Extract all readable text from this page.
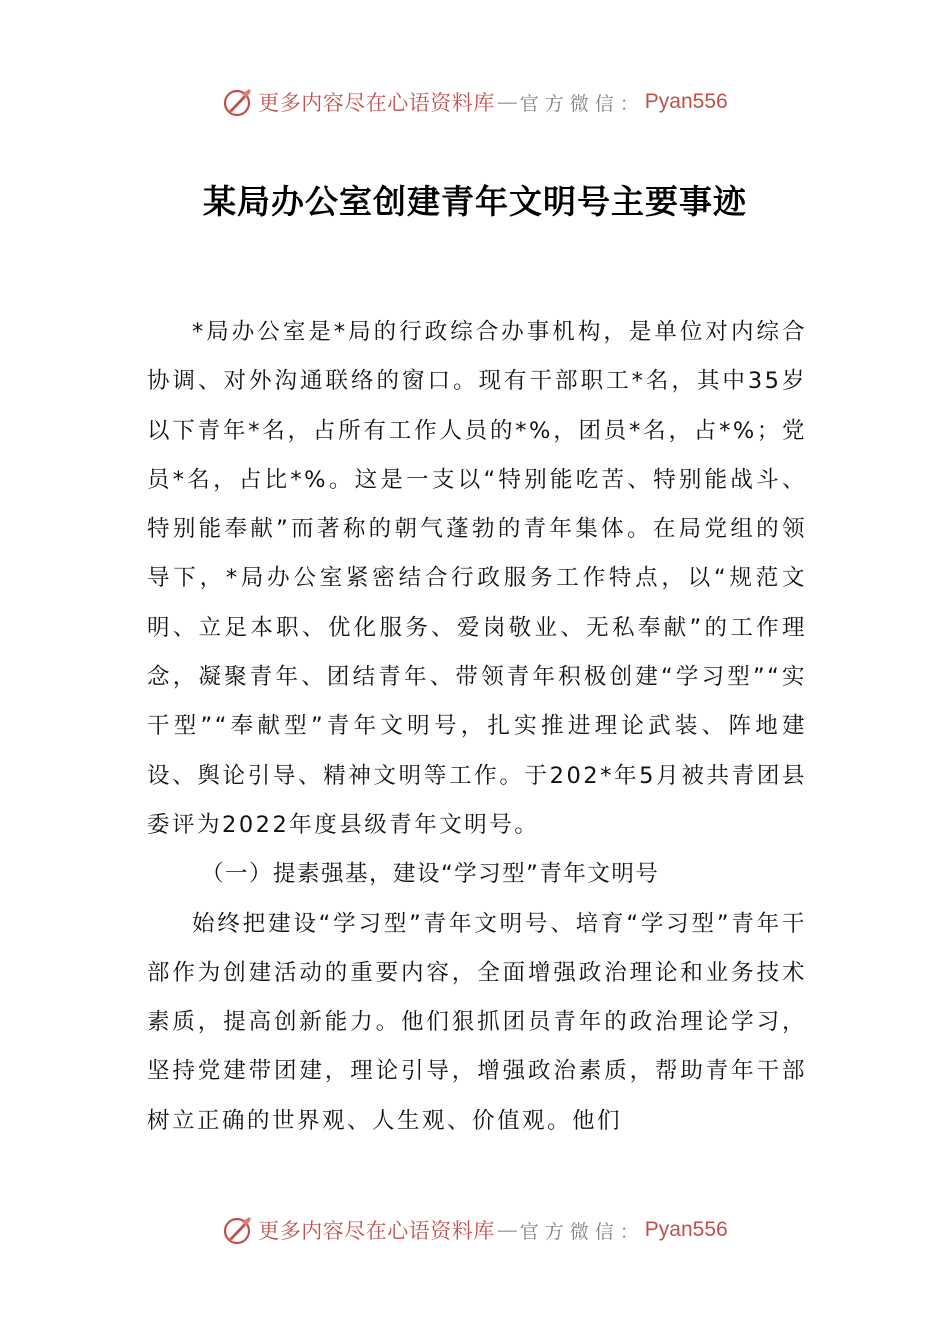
更多内容尽在心语资料库 — 官方微信： Pyan556
某局办公室创建青年文明号主要事迹

*局办公室是*局的行政综合办事机构，是单位对内综合协调、对外沟通联络的窗口。现有干部职工*名，其中35岁以下青年*名，占所有工作人员的*%，团员*名，占*%；党员*名，占比*%。这是一支以“特别能吃苦、特别能战斗、特别能奉献”而著称的朝气蓬勃的青年集体。在局党组的领导下，*局办公室紧密结合行政服务工作特点，以“规范文明、立足本职、优化服务、爱岗敬业、无私奉献”的工作理念，凝聚青年、团结青年、带领青年积极创建“学习型”“实干型”“奉献型”青年文明号，扎实推进理论武装、阵地建设、舆论引导、精神文明等工作。于202*年5月被共青团县委评为2022年度县级青年文明号。

（一）提素强基，建设“学习型”青年文明号

始终把建设“学习型”青年文明号、培育“学习型”青年干部作为创建活动的重要内容，全面增强政治理论和业务技术素质，提高创新能力。他们狠抓团员青年的政治理论学习，坚持党建带团建，理论引导，增强政治素质，帮助青年干部树立正确的世界观、人生观、价值观。他们

更多内容尽在心语资料库 — 官方微信： Pyan556
